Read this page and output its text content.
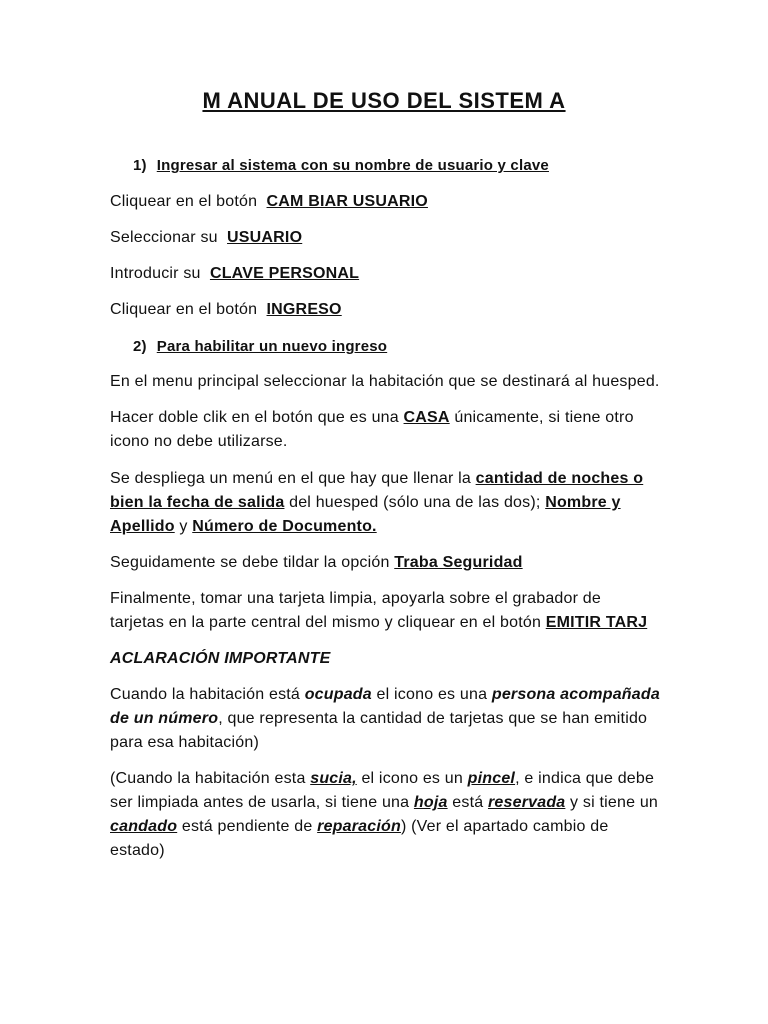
M ANUAL DE USO DEL SISTEM A
1) Ingresar al sistema con su nombre de usuario y clave
Cliquear en el botón CAM BIAR USUARIO
Seleccionar su USUARIO
Introducir su CLAVE PERSONAL
Cliquear en el botón INGRESO
2) Para habilitar un nuevo ingreso
En el menu principal seleccionar la habitación que se destinará al huesped.
Hacer doble clik en el botón que es una CASA únicamente, si tiene otro
icono no debe utilizarse.
Se despliega un menú en el que hay que llenar la cantidad de noches o
bien la fecha de salida del huesped (sólo una de las dos); Nombre y
Apellido y Número de Documento.
Seguidamente se debe tildar la opción Traba Seguridad
Finalmente, tomar una tarjeta limpia, apoyarla sobre el grabador de
tarjetas en la parte central del mismo y cliquear en el botón EMITIR TARJ
ACLARACIÓN IMPORTANTE
Cuando la habitación está ocupada el icono es una persona acompañada
de un número, que representa la cantidad de tarjetas que se han emitido
para esa habitación)
(Cuando la habitación esta sucia, el icono es un pincel, e indica que debe
ser limpiada antes de usarla, si tiene una hoja está reservada y si tiene un
candado está pendiente de reparación) (Ver el apartado cambio de
estado)
